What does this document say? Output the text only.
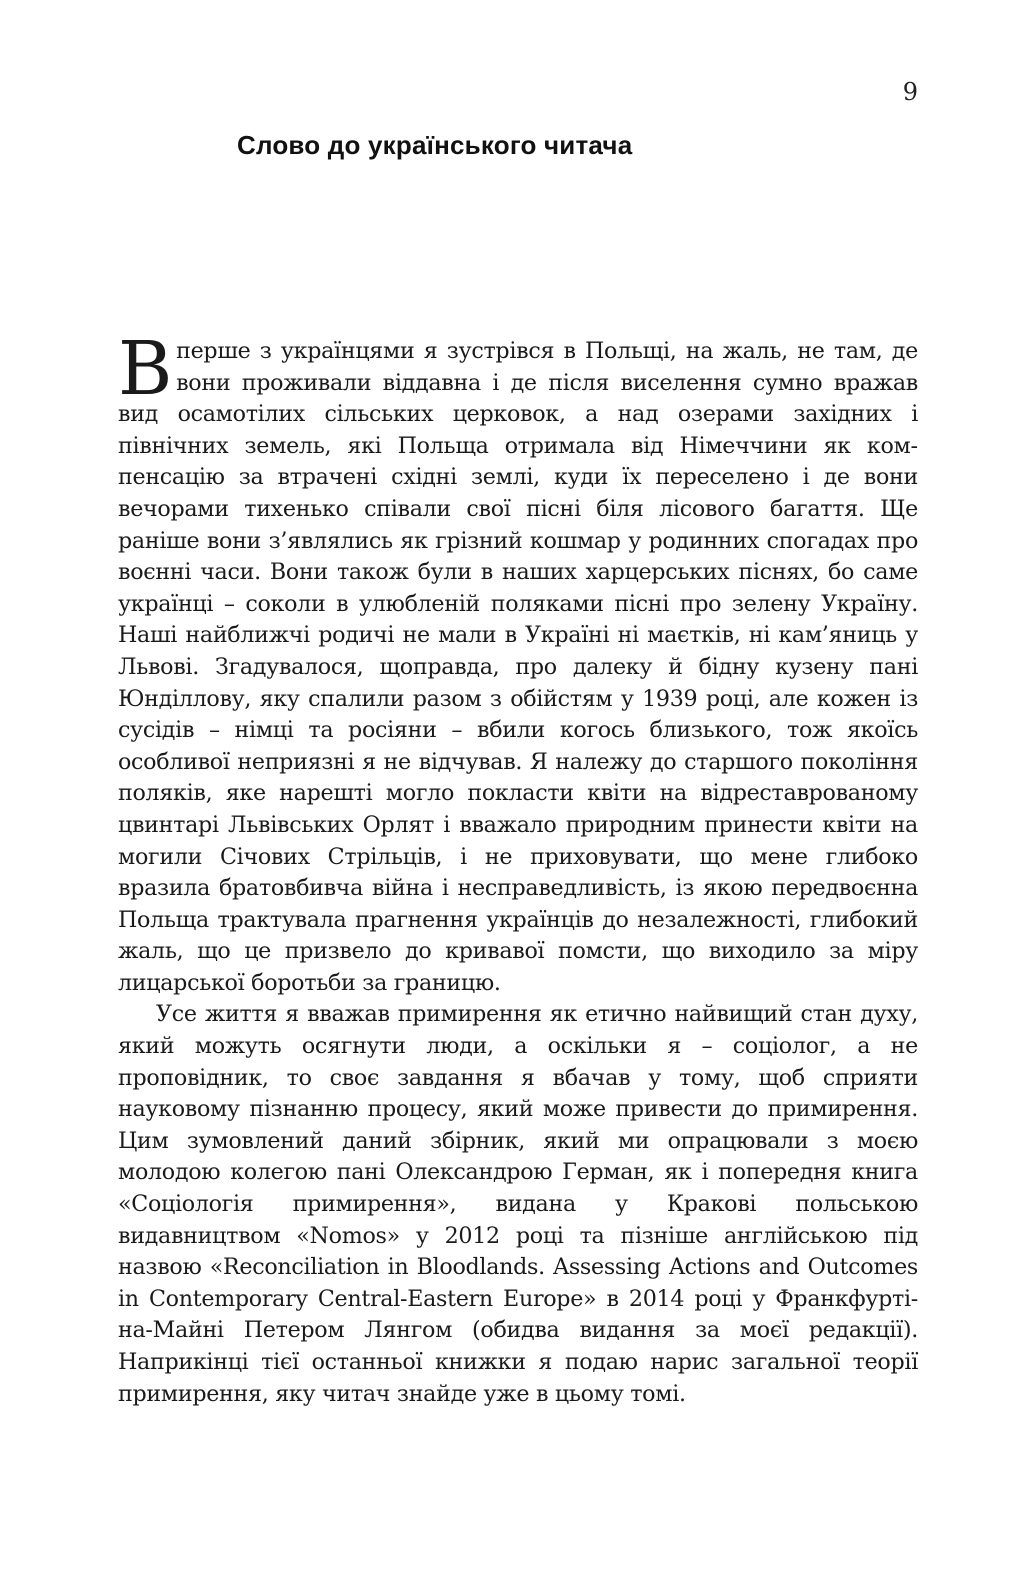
9
Слово до українського читача

Вперше з українцями я зустрівся в Польщі, на жаль, не там, де вони проживали віддавна і де після виселення сумно вражав вид осамотілих сільських церковок, а над озерами західних і північних земель, які Польща отримала від Німеччини як компенсацію за втрачені східні землі, куди їх переселено і де вони вечорами тихенько співали свої пісні біля лісового багаття. Ще раніше вони з’являлись як грізний кошмар у родинних спогадах про воєнні часи. Вони також були в наших харцерських піснях, бо саме українці – соколи в улюбленій поляками пісні про зелену Україну. Наші найближчі родичі не мали в Україні ні маєтків, ні кам’яниць у Львові. Згадувалося, щоправда, про далеку й бідну кузену пані Юнділлову, яку спалили разом з обійстям у 1939 році, але кожен із сусідів – німці та росіяни – вбили когось близького, тож якоїсь особливої неприязні я не відчував. Я належу до старшого покоління поляків, яке нарешті могло покласти квіти на відреставрованому цвинтарі Львівських Орлят і вважало природним принести квіти на могили Січових Стрільців, і не приховувати, що мене глибоко вразила братовбивча війна і несправедливість, із якою передвоєнна Польща трактувала прагнення українців до незалежності, глибокий жаль, що це призвело до кривавої помсти, що виходило за міру лицарської боротьби за границю.

Усе життя я вважав примирення як етично найвищий стан духу, який можуть осягнути люди, а оскільки я – соціолог, а не проповідник, то своє завдання я вбачав у тому, щоб сприяти науковому пізнанню процесу, який може привести до примирення. Цим зумовлений даний збірник, який ми опрацювали з моєю молодою колегою пані Олександрою Герман, як і попередня книга «Соціологія примирення», видана у Кракові польською видавництвом «Nomos» у 2012 році та пізніше англійською під назвою «Reconciliation in Bloodlands. Assessing Actions and Outcomes in Contemporary Central-Eastern Europe» в 2014 році у Франкфурті-на-Майні Петером Лянгом (обидва видання за моєї редакції). Наприкінці тієї останньої книжки я подаю нарис загальної теорії примирення, яку читач знайде уже в цьому томі.
